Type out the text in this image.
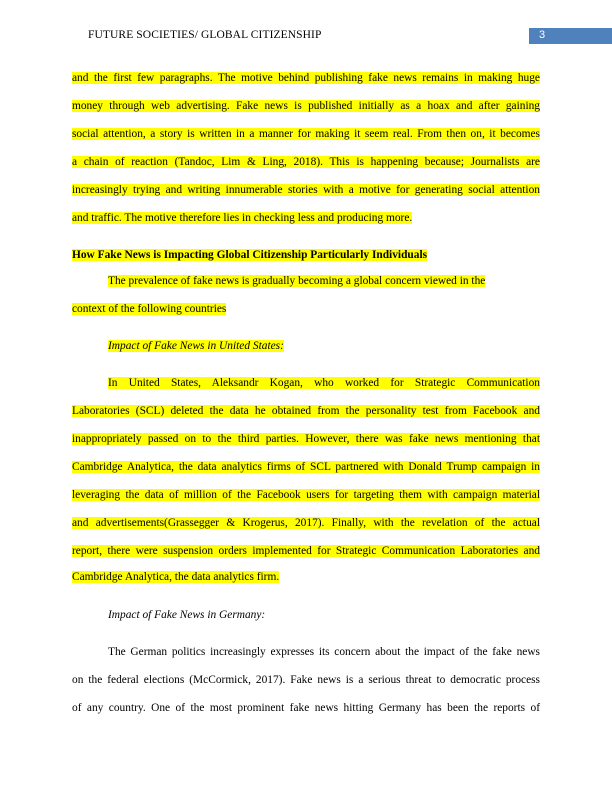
FUTURE SOCIETIES/ GLOBAL CITIZENSHIP	3
and the first few paragraphs. The motive behind publishing fake news remains in making huge
money through web advertising. Fake news is published initially as a hoax and after gaining
social attention, a story is written in a manner for making it seem real. From then on, it becomes
a chain of reaction (Tandoc, Lim & Ling, 2018). This is happening because; Journalists are
increasingly trying and writing innumerable stories with a motive for generating social attention
and traffic. The motive therefore lies in checking less and producing more.
How Fake News is Impacting Global Citizenship Particularly Individuals
The prevalence of fake news is gradually becoming a global concern viewed in the
context of the following countries
Impact of Fake News in United States:
In United States, Aleksandr Kogan, who worked for Strategic Communication
Laboratories (SCL) deleted the data he obtained from the personality test from Facebook and
inappropriately passed on to the third parties. However, there was fake news mentioning that
Cambridge Analytica, the data analytics firms of SCL partnered with Donald Trump campaign in
leveraging the data of million of the Facebook users for targeting them with campaign material
and advertisements(Grassegger & Krogerus, 2017). Finally, with the revelation of the actual
report, there were suspension orders implemented for Strategic Communication Laboratories and
Cambridge Analytica, the data analytics firm.
Impact of Fake News in Germany:
The German politics increasingly expresses its concern about the impact of the fake news
on the federal elections (McCormick, 2017). Fake news is a serious threat to democratic process
of any country. One of the most prominent fake news hitting Germany has been the reports of
